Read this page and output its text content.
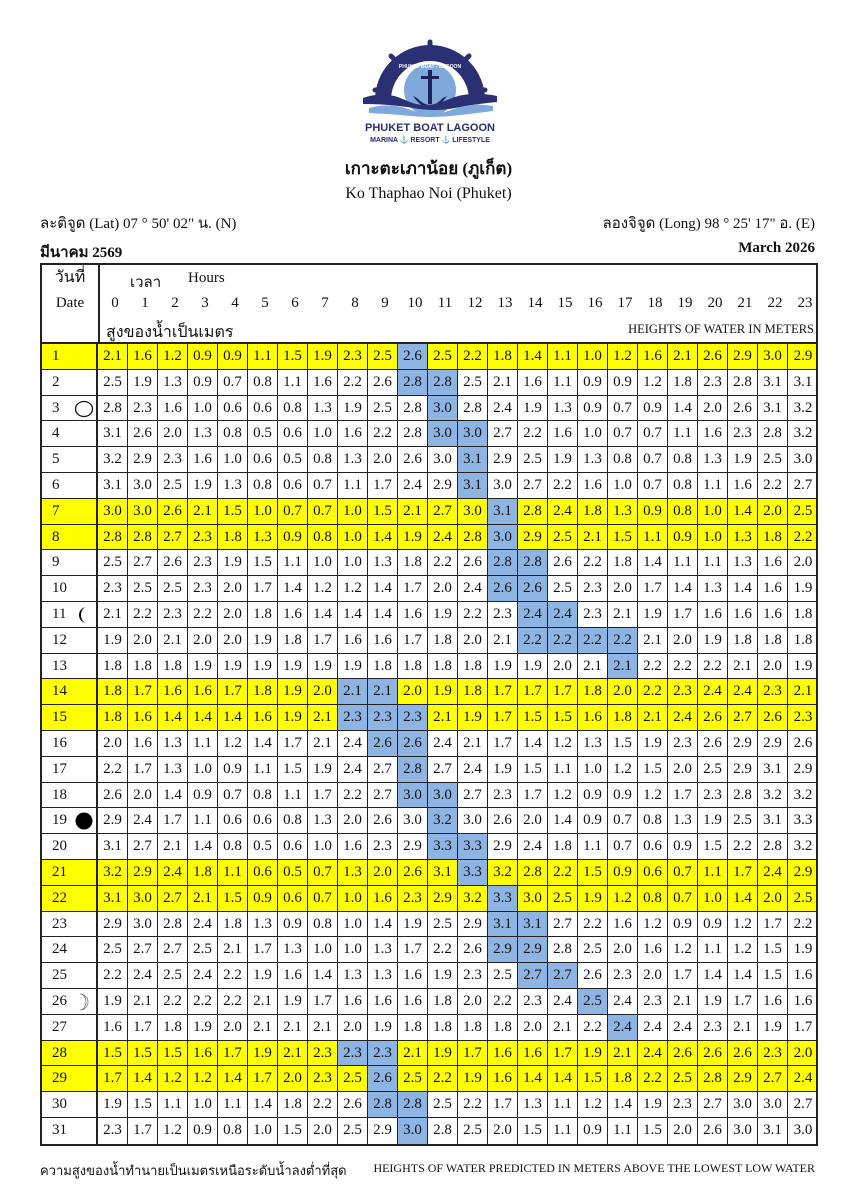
PHUKET BOAT LAGOON
MARINA ⚓ RESORT ⚓ LIFESTYLE
PHUKET BOAT - LAGOON
เกาะตะเภาน้อย (ภูเก็ต)
Ko Thaphao Noi (Phuket)
ละติจูด (Lat) 07 ° 50' 02" น. (N)	ลองจิจูด (Long) 98 ° 25' 17" อ. (E)
มีนาคม 2569	March 2026
วันที่
Date
เวลา Hours
0	1	2	3	4	5	6	7	8	9	10	11	12	13	14	15	16	17	18	19	20	21	22	23
สูงของน้ำเป็นเมตร	HEIGHTS OF WATER IN METERS
1	2.1 1.6 1.2 0.9 0.9 1.1 1.5 1.9 2.3 2.5 2.6 2.5 2.2 1.8 1.4 1.1 1.0 1.2 1.6 2.1 2.6 2.9 3.0 2.9
2	2.5 1.9 1.3 0.9 0.7 0.8 1.1 1.6 2.2 2.6 2.8 2.8 2.5 2.1 1.6 1.1 0.9 0.9 1.2 1.8 2.3 2.8 3.1 3.1
3	2.8 2.3 1.6 1.0 0.6 0.6 0.8 1.3 1.9 2.5 2.8 3.0 2.8 2.4 1.9 1.3 0.9 0.7 0.9 1.4 2.0 2.6 3.1 3.2
4	3.1 2.6 2.0 1.3 0.8 0.5 0.6 1.0 1.6 2.2 2.8 3.0 3.0 2.7 2.2 1.6 1.0 0.7 0.7 1.1 1.6 2.3 2.8 3.2
5	3.2 2.9 2.3 1.6 1.0 0.6 0.5 0.8 1.3 2.0 2.6 3.0 3.1 2.9 2.5 1.9 1.3 0.8 0.7 0.8 1.3 1.9 2.5 3.0
6	3.1 3.0 2.5 1.9 1.3 0.8 0.6 0.7 1.1 1.7 2.4 2.9 3.1 3.0 2.7 2.2 1.6 1.0 0.7 0.8 1.1 1.6 2.2 2.7
7	3.0 3.0 2.6 2.1 1.5 1.0 0.7 0.7 1.0 1.5 2.1 2.7 3.0 3.1 2.8 2.4 1.8 1.3 0.9 0.8 1.0 1.4 2.0 2.5
8	2.8 2.8 2.7 2.3 1.8 1.3 0.9 0.8 1.0 1.4 1.9 2.4 2.8 3.0 2.9 2.5 2.1 1.5 1.1 0.9 1.0 1.3 1.8 2.2
9	2.5 2.7 2.6 2.3 1.9 1.5 1.1 1.0 1.0 1.3 1.8 2.2 2.6 2.8 2.8 2.6 2.2 1.8 1.4 1.1 1.1 1.3 1.6 2.0
10	2.3 2.5 2.5 2.3 2.0 1.7 1.4 1.2 1.2 1.4 1.7 2.0 2.4 2.6 2.6 2.5 2.3 2.0 1.7 1.4 1.3 1.4 1.6 1.9
11	2.1 2.2 2.3 2.2 2.0 1.8 1.6 1.4 1.4 1.4 1.6 1.9 2.2 2.3 2.4 2.4 2.3 2.1 1.9 1.7 1.6 1.6 1.6 1.8
12	1.9 2.0 2.1 2.0 2.0 1.9 1.8 1.7 1.6 1.6 1.7 1.8 2.0 2.1 2.2 2.2 2.2 2.2 2.1 2.0 1.9 1.8 1.8 1.8
13	1.8 1.8 1.8 1.9 1.9 1.9 1.9 1.9 1.9 1.8 1.8 1.8 1.8 1.9 1.9 2.0 2.1 2.1 2.2 2.2 2.2 2.1 2.0 1.9
14	1.8 1.7 1.6 1.6 1.7 1.8 1.9 2.0 2.1 2.1 2.0 1.9 1.8 1.7 1.7 1.7 1.8 2.0 2.2 2.3 2.4 2.4 2.3 2.1
15	1.8 1.6 1.4 1.4 1.4 1.6 1.9 2.1 2.3 2.3 2.3 2.1 1.9 1.7 1.5 1.5 1.6 1.8 2.1 2.4 2.6 2.7 2.6 2.3
16	2.0 1.6 1.3 1.1 1.2 1.4 1.7 2.1 2.4 2.6 2.6 2.4 2.1 1.7 1.4 1.2 1.3 1.5 1.9 2.3 2.6 2.9 2.9 2.6
17	2.2 1.7 1.3 1.0 0.9 1.1 1.5 1.9 2.4 2.7 2.8 2.7 2.4 1.9 1.5 1.1 1.0 1.2 1.5 2.0 2.5 2.9 3.1 2.9
18	2.6 2.0 1.4 0.9 0.7 0.8 1.1 1.7 2.2 2.7 3.0 3.0 2.7 2.3 1.7 1.2 0.9 0.9 1.2 1.7 2.3 2.8 3.2 3.2
19	2.9 2.4 1.7 1.1 0.6 0.6 0.8 1.3 2.0 2.6 3.0 3.2 3.0 2.6 2.0 1.4 0.9 0.7 0.8 1.3 1.9 2.5 3.1 3.3
20	3.1 2.7 2.1 1.4 0.8 0.5 0.6 1.0 1.6 2.3 2.9 3.3 3.3 2.9 2.4 1.8 1.1 0.7 0.6 0.9 1.5 2.2 2.8 3.2
21	3.2 2.9 2.4 1.8 1.1 0.6 0.5 0.7 1.3 2.0 2.6 3.1 3.3 3.2 2.8 2.2 1.5 0.9 0.6 0.7 1.1 1.7 2.4 2.9
22	3.1 3.0 2.7 2.1 1.5 0.9 0.6 0.7 1.0 1.6 2.3 2.9 3.2 3.3 3.0 2.5 1.9 1.2 0.8 0.7 1.0 1.4 2.0 2.5
23	2.9 3.0 2.8 2.4 1.8 1.3 0.9 0.8 1.0 1.4 1.9 2.5 2.9 3.1 3.1 2.7 2.2 1.6 1.2 0.9 0.9 1.2 1.7 2.2
24	2.5 2.7 2.7 2.5 2.1 1.7 1.3 1.0 1.0 1.3 1.7 2.2 2.6 2.9 2.9 2.8 2.5 2.0 1.6 1.2 1.1 1.2 1.5 1.9
25	2.2 2.4 2.5 2.4 2.2 1.9 1.6 1.4 1.3 1.3 1.6 1.9 2.3 2.5 2.7 2.7 2.6 2.3 2.0 1.7 1.4 1.4 1.5 1.6
26	1.9 2.1 2.2 2.2 2.2 2.1 1.9 1.7 1.6 1.6 1.6 1.8 2.0 2.2 2.3 2.4 2.5 2.4 2.3 2.1 1.9 1.7 1.6 1.6
27	1.6 1.7 1.8 1.9 2.0 2.1 2.1 2.1 2.0 1.9 1.8 1.8 1.8 1.8 2.0 2.1 2.2 2.4 2.4 2.4 2.3 2.1 1.9 1.7
28	1.5 1.5 1.5 1.6 1.7 1.9 2.1 2.3 2.3 2.3 2.1 1.9 1.7 1.6 1.6 1.7 1.9 2.1 2.4 2.6 2.6 2.6 2.3 2.0
29	1.7 1.4 1.2 1.2 1.4 1.7 2.0 2.3 2.5 2.6 2.5 2.2 1.9 1.6 1.4 1.4 1.5 1.8 2.2 2.5 2.8 2.9 2.7 2.4
30	1.9 1.5 1.1 1.0 1.1 1.4 1.8 2.2 2.6 2.8 2.8 2.5 2.2 1.7 1.3 1.1 1.2 1.4 1.9 2.3 2.7 3.0 3.0 2.7
31	2.3 1.7 1.2 0.9 0.8 1.0 1.5 2.0 2.5 2.9 3.0 2.8 2.5 2.0 1.5 1.1 0.9 1.1 1.5 2.0 2.6 3.0 3.1 3.0
ความสูงของน้ำทำนายเป็นเมตรเหนือระดับน้ำลงต่ำที่สุด HEIGHTS OF WATER PREDICTED IN METERS ABOVE THE LOWEST LOW WATER
